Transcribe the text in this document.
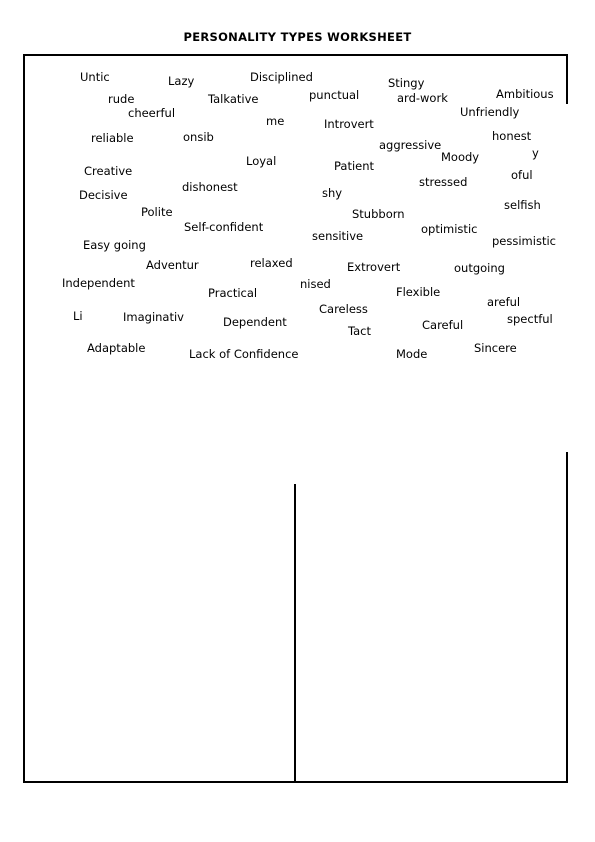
PERSONALITY TYPES WORKSHEET
Untic	Lazy	Disciplined	Stingy
rude	Talkative	punctual	ard-work	Ambitious
cheerful
me	Introvert
Unfriendly
reliable	onsib
aggressive
honest
y
Loyal	Patient
Moody
Creative	oful
dishonest	stressed
Decisive	shy
selfish
Polite	Stubborn
Self-confident	optimistic
sensitive
Easy going	pessimistic
relaxed
Adventur	Extrovert	outgoing
Independent	nised
Practical	Flexible
areful
Careless
Li	Imaginativ	Dependent
Tact	Careful	spectful
Adaptable	Lack of Confidence	Mode	Sincere
